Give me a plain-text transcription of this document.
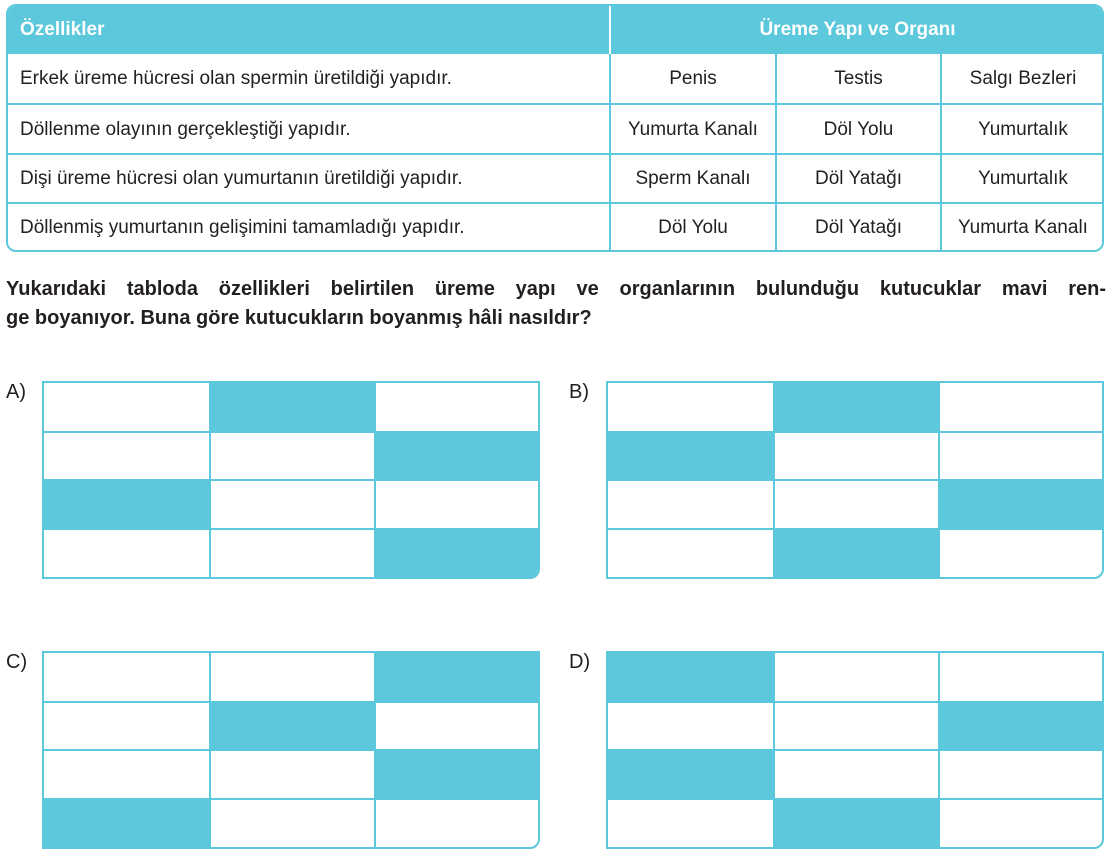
Özellikler	Üreme Yapı ve Organı
Erkek üreme hücresi olan spermin üretildiği yapıdır.	Penis	Testis	Salgı Bezleri
Döllenme olayının gerçekleştiği yapıdır.	Yumurta Kanalı	Döl Yolu	Yumurtalık
Dişi üreme hücresi olan yumurtanın üretildiği yapıdır.	Sperm Kanalı	Döl Yatağı	Yumurtalık
Döllenmiş yumurtanın gelişimini tamamladığı yapıdır.	Döl Yolu	Döl Yatağı	Yumurta Kanalı
Yukarıdaki tabloda özellikleri belirtilen üreme yapı ve organlarının bulunduğu kutucuklar mavi ren-
ge boyanıyor. Buna göre kutucukların boyanmış hâli nasıldır?
A)	B)
C)	D)
